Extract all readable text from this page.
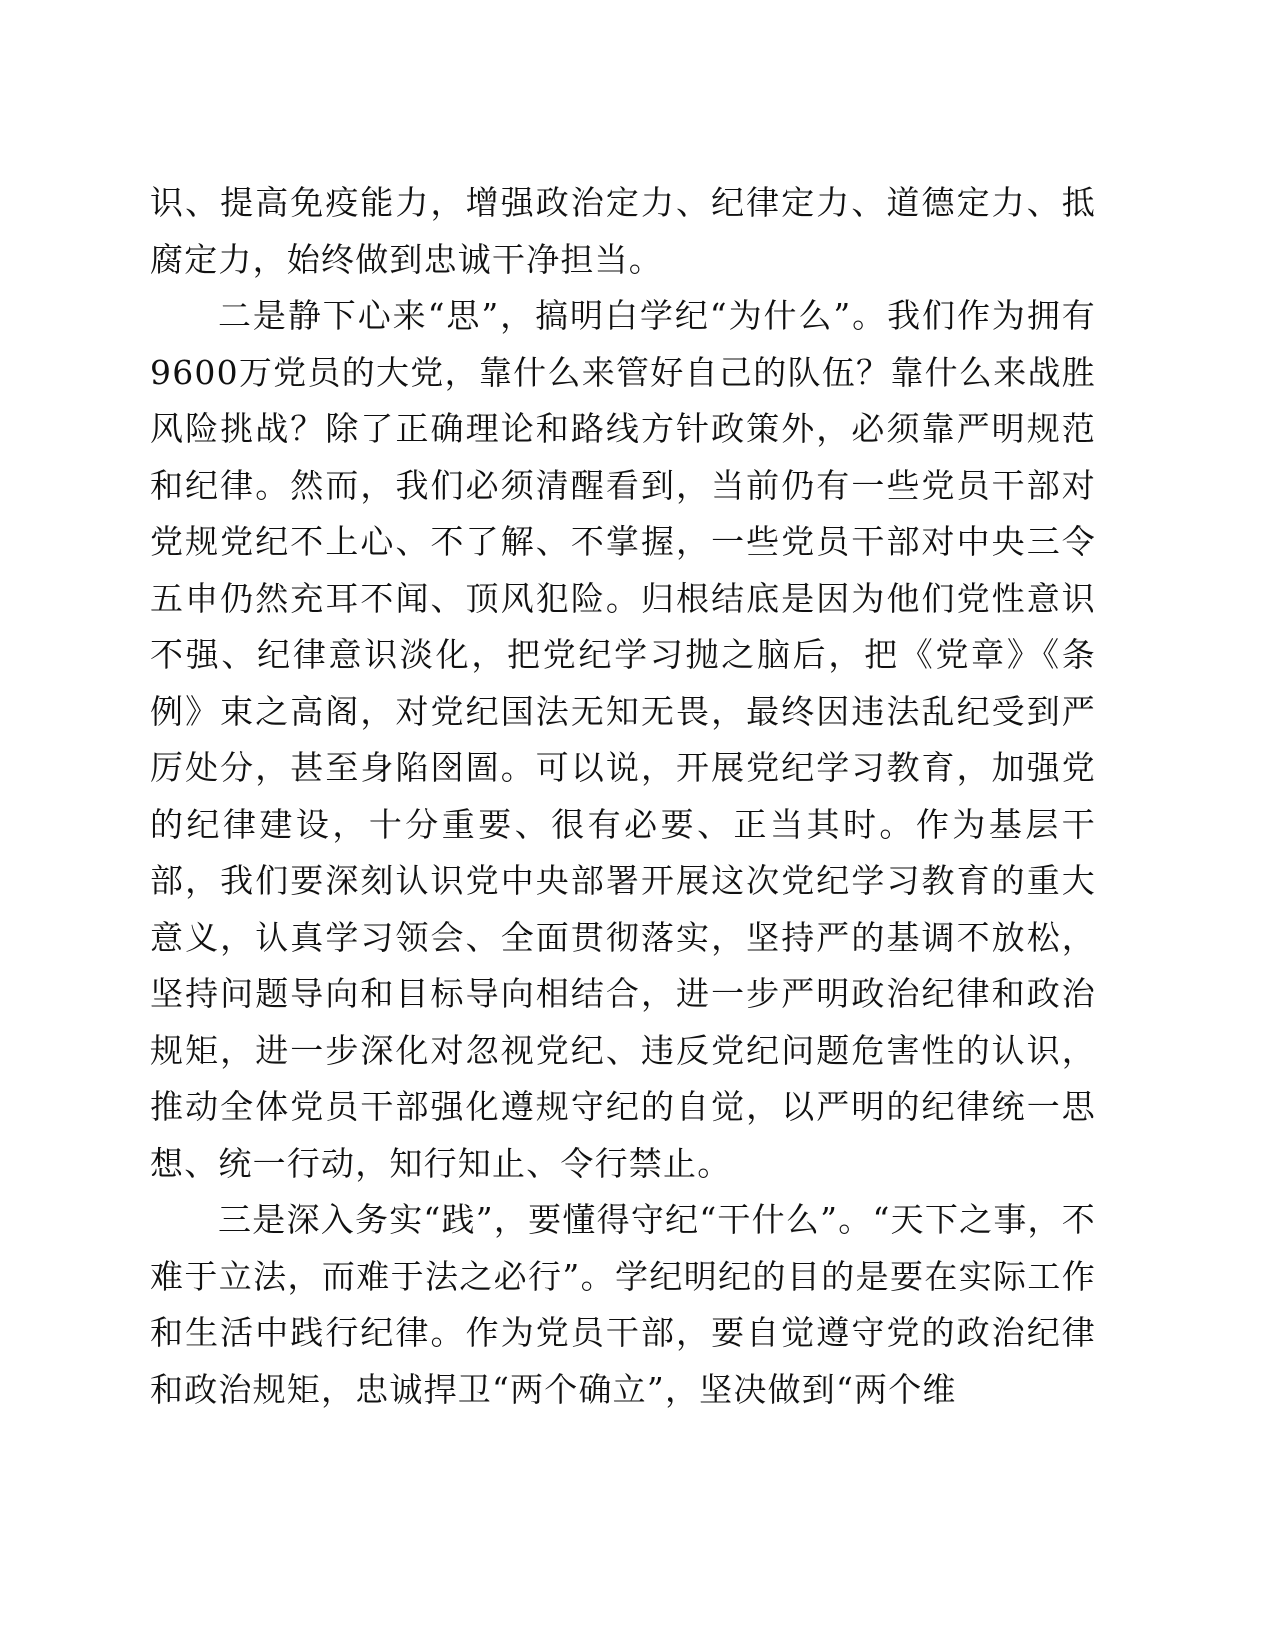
识、提高免疫能力，增强政治定力、纪律定力、道德定力、抵腐定力，始终做到忠诚干净担当。

二是静下心来“思”，搞明白学纪“为什么”。我们作为拥有9600万党员的大党，靠什么来管好自己的队伍？靠什么来战胜风险挑战？除了正确理论和路线方针政策外，必须靠严明规范和纪律。然而，我们必须清醒看到，当前仍有一些党员干部对党规党纪不上心、不了解、不掌握，一些党员干部对中央三令五申仍然充耳不闻、顶风犯险。归根结底是因为他们党性意识不强、纪律意识淡化，把党纪学习抛之脑后，把《党章》《条例》束之高阁，对党纪国法无知无畏，最终因违法乱纪受到严厉处分，甚至身陷囹圄。可以说，开展党纪学习教育，加强党的纪律建设，十分重要、很有必要、正当其时。作为基层干部，我们要深刻认识党中央部署开展这次党纪学习教育的重大意义，认真学习领会、全面贯彻落实，坚持严的基调不放松，坚持问题导向和目标导向相结合，进一步严明政治纪律和政治规矩，进一步深化对忽视党纪、违反党纪问题危害性的认识，推动全体党员干部强化遵规守纪的自觉，以严明的纪律统一思想、统一行动，知行知止、令行禁止。

三是深入务实“践”，要懂得守纪“干什么”。“天下之事，不难于立法，而难于法之必行”。学纪明纪的目的是要在实际工作和生活中践行纪律。作为党员干部，要自觉遵守党的政治纪律和政治规矩，忠诚捍卫“两个确立”，坚决做到“两个维
